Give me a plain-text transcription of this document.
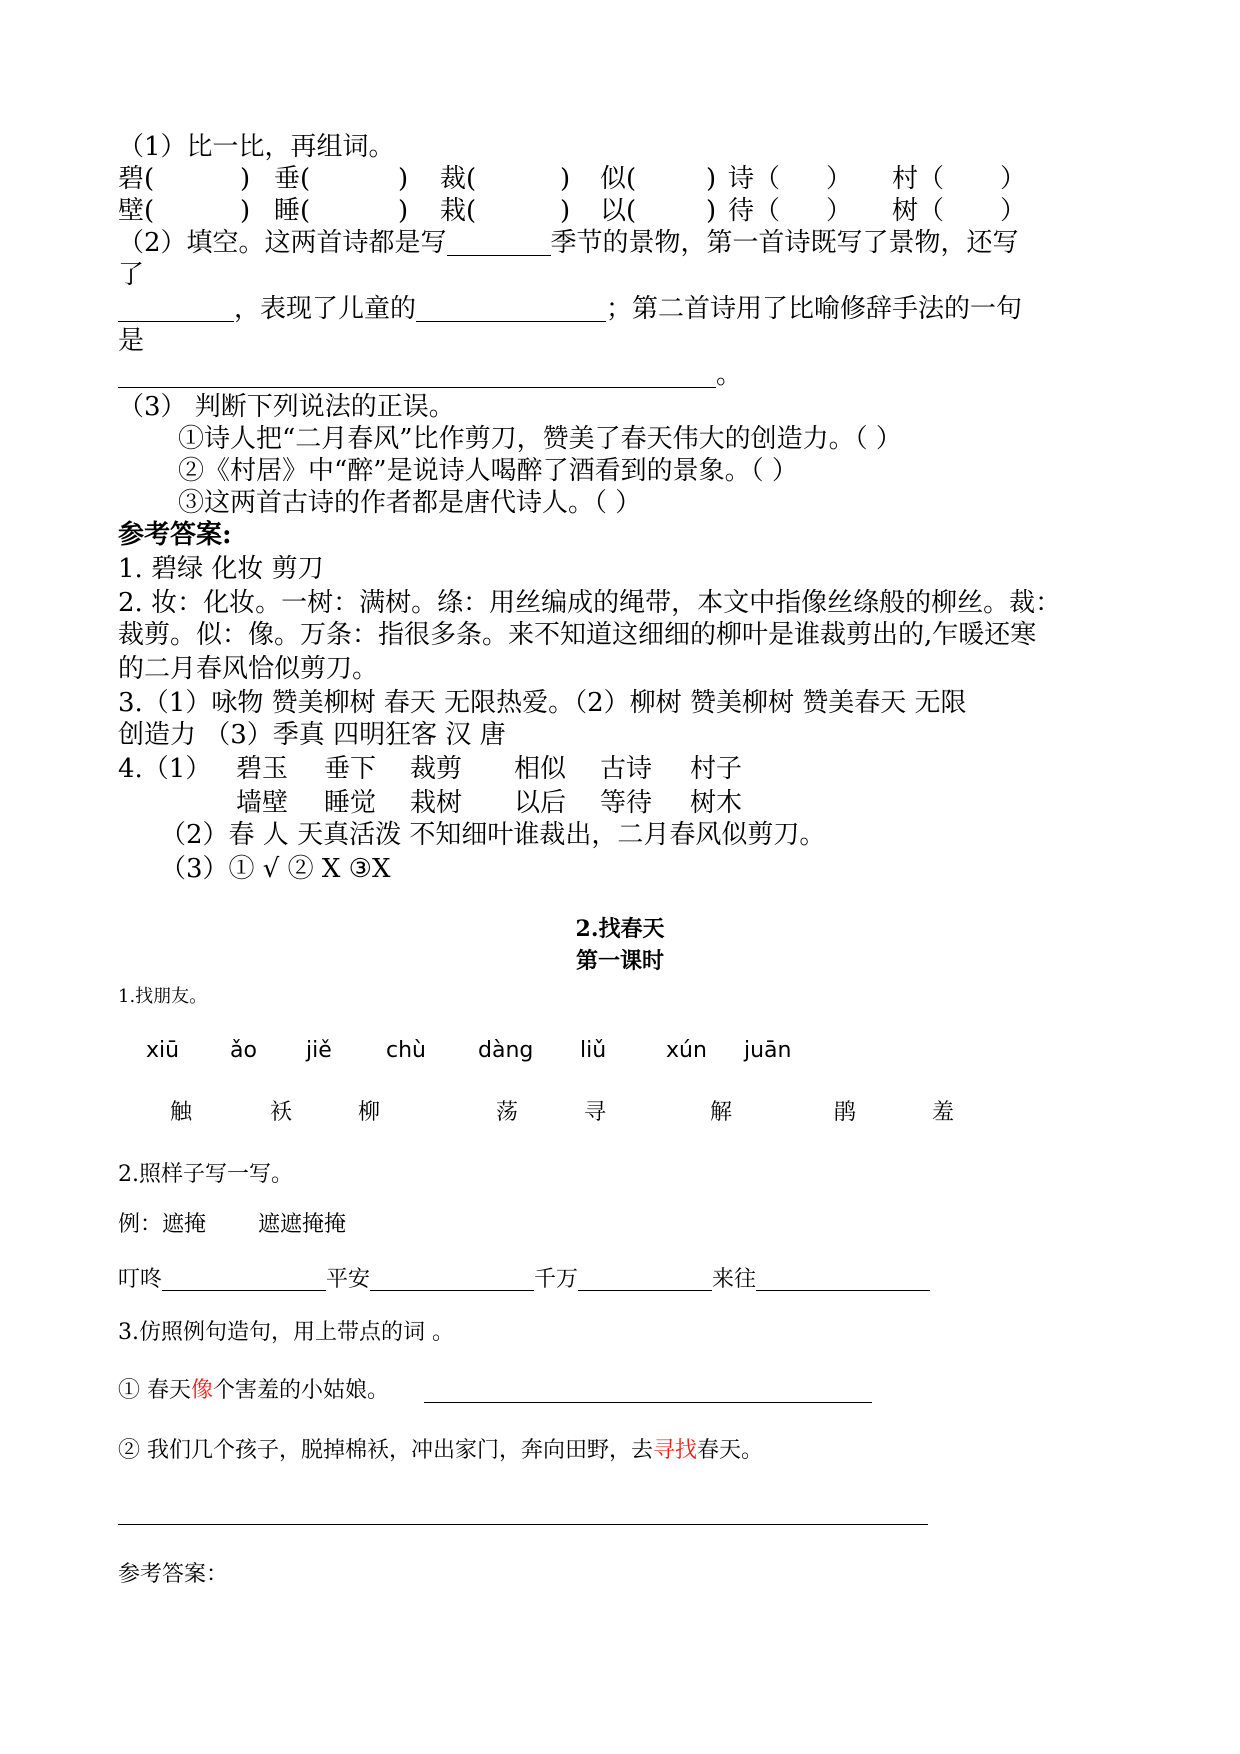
（1）比一比，再组词。
碧(	) 垂(	) 裁(	) 似(	) 诗（ ） 村（ ）
壁(	) 睡(	) 栽(	) 以(	) 待（ ） 树（ ）
（2）填空。这两首诗都是写	季节的景物，第一首诗既写了景物，还写
了
，表现了儿童的	；第二首诗用了比喻修辞手法的一句
是
。
（3） 判断下列说法的正误。
①诗人把“二月春风”比作剪刀，赞美了春天伟大的创造力。（ ）
②《村居》中“醉”是说诗人喝醉了酒看到的景象。（ ）
③这两首古诗的作者都是唐代诗人。（ ）
参考答案:
1. 碧绿 化妆 剪刀
2. 妆：化妆。一树：满树。绦：用丝编成的绳带，本文中指像丝绦般的柳丝。裁：
裁剪。似：像。万条：指很多条。来不知道这细细的柳叶是谁裁剪出的,乍暖还寒
的二月春风恰似剪刀。
3.（1）咏物 赞美柳树 春天 无限热爱。（2）柳树 赞美柳树 赞美春天 无限
创造力 （3）季真 四明狂客 汉 唐
4.（1） 碧玉 垂下 裁剪 相似 古诗 村子
墙壁 睡觉 栽树 以后 等待 树木
（2）春 人 天真活泼 不知细叶谁裁出，二月春风似剪刀。
（3）① √ ② X ③X
2.找春天
第一课时
1.找朋友。
xiū ǎo jiě chù dàng liǔ	xún juān
触	袄	柳	荡	寻	解	鹃	羞
2.照样子写一写。
例：遮掩 遮遮掩掩
叮咚	平安	千万	来往
3.仿照例句造句，用上带点的词 。
① 春天像个害羞的小姑娘。
② 我们几个孩子，脱掉棉袄，冲出家门，奔向田野，去寻找春天。
参考答案：
